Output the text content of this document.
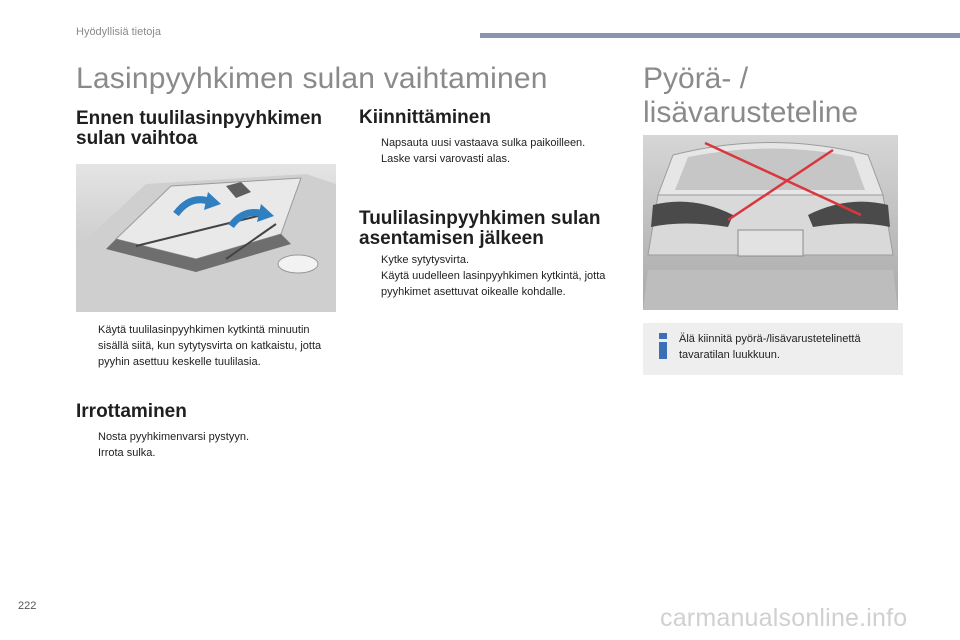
Hyödyllisiä tietoja
Lasinpyyhkimen sulan vaihtaminen	Pyörä- /
lisävarusteteline
Ennen tuulilasinpyyhkimen
sulan vaihtoa
Käytä tuulilasinpyyhkimen kytkintä minuutin sisällä siitä, kun sytytysvirta on katkaistu, jotta pyyhin asettuu keskelle tuulilasia.
Irrottaminen
Nosta pyyhkimenvarsi pystyyn.
Irrota sulka.
Kiinnittäminen
Napsauta uusi vastaava sulka paikoilleen.
Laske varsi varovasti alas.
Tuulilasinpyyhkimen sulan
asentamisen jälkeen
Kytke sytytysvirta.
Käytä uudelleen lasinpyyhkimen kytkintä, jotta pyyhkimet asettuvat oikealle kohdalle.
Älä kiinnitä pyörä-/lisävarustetelinettä tavaratilan luukkuun.
222	carmanualsonline.info
